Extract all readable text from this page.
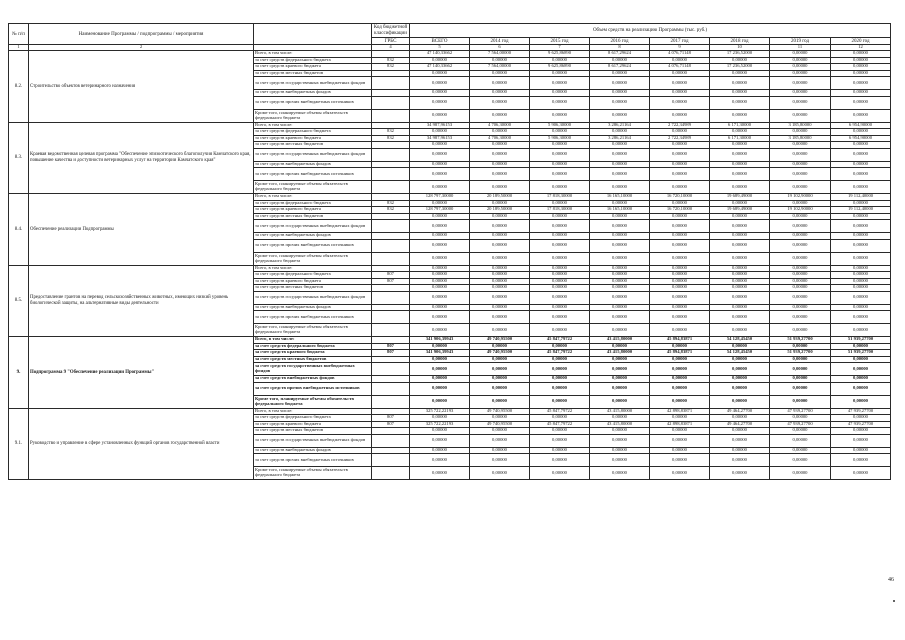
№ п/п	Наименование Программы / подпрограммы / мероприятия		Код бюджетной классификации	Объем средств на реализацию Программы (тыс. руб.)							
			ГРБС	ВСЕГО	2014 год	2015 год	2016 год	2017 год	2018 год	2019 год	2020 год
1	2		4	5	6	7	8	9	10	11	12
8.2.	Строительство объектов ветеринарного назначения	Всего, в том числе:		47 140,33662	7 564,00000	9 625,86890	8 617,29624	4 076,71148	17 236,52000	0,00000	0,00000
		за счет средств федерального бюджета	832	0,00000	0,00000	0,00000	0,00000	0,00000	0,00000	0,00000	0,00000
		за счет средств краевого бюджета	832	47 140,33662	7 564,00000	9 625,86890	8 617,29624	4 076,71148	17 236,52000	0,00000	0,00000
		за счет средств местных бюджетов		0,00000	0,00000	0,00000	0,00000	0,00000	0,00000	0,00000	0,00000
		за счет средств государственных внебюджетных фондов		0,00000	0,00000	0,00000	0,00000	0,00000	0,00000	0,00000	0,00000
		за счет средств внебюджетных фондов		0,00000	0,00000	0,00000	0,00000	0,00000	0,00000	0,00000	0,00000
		за счет средств прочих внебюджетных источников		0,00000	0,00000	0,00000	0,00000	0,00000	0,00000	0,00000	0,00000
		Кроме того, планируемые объемы обязательств федерального бюджета		0,00000	0,00000	0,00000	0,00000	0,00000	0,00000	0,00000	0,00000
8.3.	Краевая ведомственная целевая программа "Обеспечение эпизоотического благополучия Камчатского края, повышение качества и доступности ветеринарных услуг на территории Камчатского края"	Всего, в том числе:		34 987,96153	4 706,30000	5 906,30000	3 286,21164	2 722,34989	6 171,30000	3 185,80000	6 954,90000
		за счет средств федерального бюджета	832	0,00000	0,00000	0,00000	0,00000	0,00000	0,00000	0,00000	0,00000
		за счет средств краевого бюджета	832	34 987,96153	4 706,30000	5 906,30000	3 286,21164	2 722,34989	6 171,30000	3 185,80000	6 954,90000
		за счет средств местных бюджетов		0,00000	0,00000	0,00000	0,00000	0,00000	0,00000	0,00000	0,00000
		за счет средств государственных внебюджетных фондов		0,00000	0,00000	0,00000	0,00000	0,00000	0,00000	0,00000	0,00000
		за счет средств внебюджетных фондов		0,00000	0,00000	0,00000	0,00000	0,00000	0,00000	0,00000	0,00000
		за счет средств прочих внебюджетных источников		0,00000	0,00000	0,00000	0,00000	0,00000	0,00000	0,00000	0,00000
		Кроме того, планируемые объемы обязательств федерального бюджета		0,00000	0,00000	0,00000	0,00000	0,00000	0,00000	0,00000	0,00000
8.4.	Обеспечение реализации Подпрограммы	Всего, в том числе:		128 797,30000	20 189,50000	17 818,30000	16 165,10000	16 720,10000	19 689,49000	19 102,90000	19 112,40000
		за счет средств федерального бюджета	832	0,00000	0,00000	0,00000	0,00000	0,00000	0,00000	0,00000	0,00000
		за счет средств краевого бюджета	832	128 797,30000	20 189,50000	17 818,30000	16 165,10000	16 720,10000	19 689,49000	19 102,90000	19 112,40000
		за счет средств местных бюджетов		0,00000	0,00000	0,00000	0,00000	0,00000	0,00000	0,00000	0,00000
		за счет средств государственных внебюджетных фондов		0,00000	0,00000	0,00000	0,00000	0,00000	0,00000	0,00000	0,00000
		за счет средств внебюджетных фондов		0,00000	0,00000	0,00000	0,00000	0,00000	0,00000	0,00000	0,00000
		за счет средств прочих внебюджетных источников		0,00000	0,00000	0,00000	0,00000	0,00000	0,00000	0,00000	0,00000
		Кроме того, планируемые объемы обязательств федерального бюджета		0,00000	0,00000	0,00000	0,00000	0,00000	0,00000	0,00000	0,00000
8.5.	Предоставление грантов на перевод сельскохозяйственных животных, имеющих низкий уровень биологической защиты, на альтернативные виды деятельности	Всего, в том числе:		0,00000	0,00000	0,00000	0,00000	0,00000	0,00000	0,00000	0,00000
		за счет средств федерального бюджета	807	0,00000	0,00000	0,00000	0,00000	0,00000	0,00000	0,00000	0,00000
		за счет средств краевого бюджета	807	0,00000	0,00000	0,00000	0,00000	0,00000	0,00000	0,00000	0,00000
		за счет средств местных бюджетов		0,00000	0,00000	0,00000	0,00000	0,00000	0,00000	0,00000	0,00000
		за счет средств государственных внебюджетных фондов		0,00000	0,00000	0,00000	0,00000	0,00000	0,00000	0,00000	0,00000
		за счет средств внебюджетных фондов		0,00000	0,00000	0,00000	0,00000	0,00000	0,00000	0,00000	0,00000
		за счет средств прочих внебюджетных источников		0,00000	0,00000	0,00000	0,00000	0,00000	0,00000	0,00000	0,00000
		Кроме того, планируемые объемы обязательств федерального бюджета		0,00000	0,00000	0,00000	0,00000	0,00000	0,00000	0,00000	0,00000
9.	Подпрограмма 9 "Обеспечение реализации Программы"	Всего, в том числе:		341 906,39943	49 740,95500	45 847,79722	43 415,80000	45 894,83871	54 128,45450	51 939,27700	51 939,27700
		за счет средств федерального бюджета	807	0,00000	0,00000	0,00000	0,00000	0,00000	0,00000	0,00000	0,00000
		за счет средств краевого бюджета	807	341 906,39943	49 740,95500	45 847,79722	43 415,80000	45 894,83871	54 128,45450	51 939,27700	51 939,27700
		за счет средств местных бюджетов		0,00000	0,00000	0,00000	0,00000	0,00000	0,00000	0,00000	0,00000
		за счет средств государственных внебюджетных фондов		0,00000	0,00000	0,00000	0,00000	0,00000	0,00000	0,00000	0,00000
		за счет средств внебюджетных фондов		0,00000	0,00000	0,00000	0,00000	0,00000	0,00000	0,00000	0,00000
		за счет средств прочих внебюджетных источников		0,00000	0,00000	0,00000	0,00000	0,00000	0,00000	0,00000	0,00000
		Кроме того, планируемые объемы обязательств федерального бюджета		0,00000	0,00000	0,00000	0,00000	0,00000	0,00000	0,00000	0,00000
9.1.	Руководство и управление в сфере установленных функций органов государственной власти	Всего, в том числе:		325 722,22193	49 740,95500	45 847,79722	43 415,80000	42 898,83871	49 464,27700	47 939,27700	47 939,27700
		за счет средств федерального бюджета	807	0,00000	0,00000	0,00000	0,00000	0,00000	0,00000	0,00000	0,00000
		за счет средств краевого бюджета	807	325 722,22193	49 740,95500	45 847,79722	43 415,80000	42 898,83871	49 464,27700	47 939,27700	47 939,27700
		за счет средств местных бюджетов		0,00000	0,00000	0,00000	0,00000	0,00000	0,00000	0,00000	0,00000
		за счет средств государственных внебюджетных фондов		0,00000	0,00000	0,00000	0,00000	0,00000	0,00000	0,00000	0,00000
		за счет средств внебюджетных фондов		0,00000	0,00000	0,00000	0,00000	0,00000	0,00000	0,00000	0,00000
		за счет средств прочих внебюджетных источников		0,00000	0,00000	0,00000	0,00000	0,00000	0,00000	0,00000	0,00000
		Кроме того, планируемые объемы обязательств федерального бюджета		0,00000	0,00000	0,00000	0,00000	0,00000	0,00000	0,00000	0,00000
46
